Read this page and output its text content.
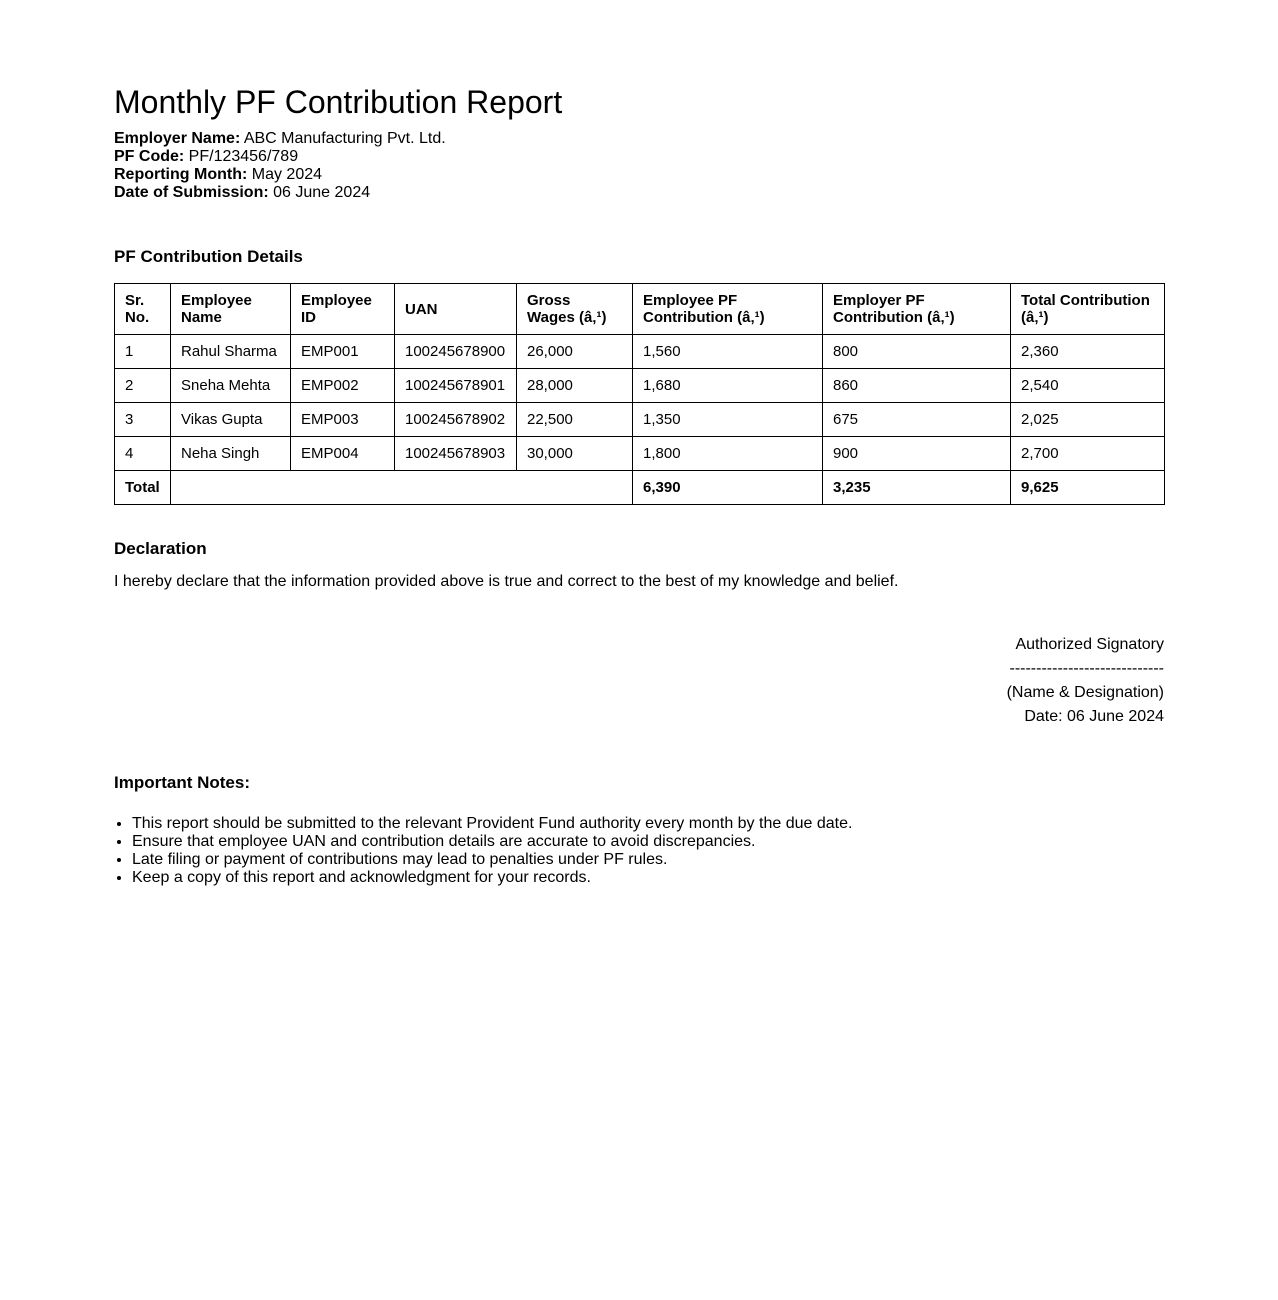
Monthly PF Contribution Report
Employer Name: ABC Manufacturing Pvt. Ltd.
PF Code: PF/123456/789
Reporting Month: May 2024
Date of Submission: 06 June 2024
PF Contribution Details
Sr. No.	Employee Name	Employee ID	UAN	Gross Wages (â‚¹)	Employee PF Contribution (â‚¹)	Employer PF Contribution (â‚¹)	Total Contribution (â‚¹)
1	Rahul Sharma	EMP001	100245678900	26,000	1,560	800	2,360
2	Sneha Mehta	EMP002	100245678901	28,000	1,680	860	2,540
3	Vikas Gupta	EMP003	100245678902	22,500	1,350	675	2,025
4	Neha Singh	EMP004	100245678903	30,000	1,800	900	2,700
Total					6,390	3,235	9,625
Declaration
I hereby declare that the information provided above is true and correct to the best of my knowledge and belief.
Authorized Signatory
-----------------------------
(Name & Designation)
Date: 06 June 2024
Important Notes:
• This report should be submitted to the relevant Provident Fund authority every month by the due date.
• Ensure that employee UAN and contribution details are accurate to avoid discrepancies.
• Late filing or payment of contributions may lead to penalties under PF rules.
• Keep a copy of this report and acknowledgment for your records.
